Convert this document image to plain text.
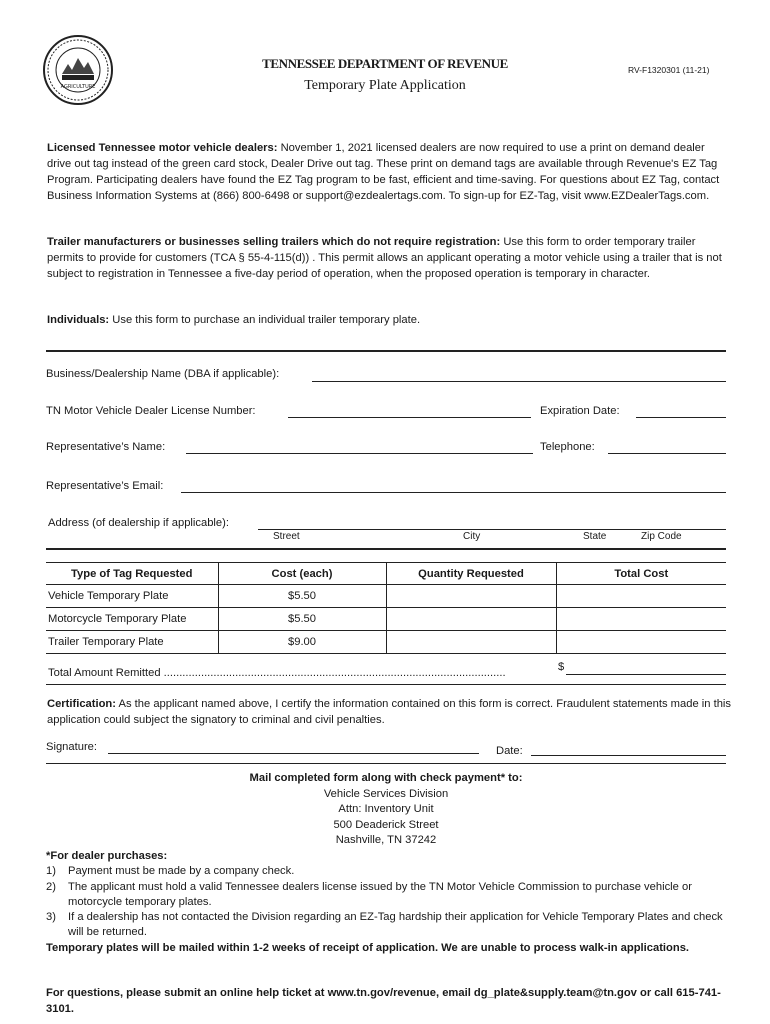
AGRICULTURE
TENNESSEE DEPARTMENT OF REVENUE
Temporary Plate Application
RV-F1320301 (11-21)
Licensed Tennessee motor vehicle dealers: November 1, 2021 licensed dealers are now required to use a print on demand dealer drive out tag instead of the green card stock, Dealer Drive out tag. These print on demand tags are available through Revenue's EZ Tag Program. Participating dealers have found the EZ Tag program to be fast, efficient and time-saving. For questions about EZ Tag, contact Business Information Systems at (866) 800-6498 or support@ezdealertags.com. To sign-up for EZ-Tag, visit www.EZDealerTags.com.
Trailer manufacturers or businesses selling trailers which do not require registration: Use this form to order temporary trailer permits to provide for customers (TCA § 55-4-115(d)) . This permit allows an applicant operating a motor vehicle using a trailer that is not subject to registration in Tennessee a five-day period of operation, when the proposed operation is temporary in character.
Individuals: Use this form to purchase an individual trailer temporary plate.
Business/Dealership Name (DBA if applicable):
TN Motor Vehicle Dealer License Number:	Expiration Date:
Representative’s Name:	Telephone:
Representative’s Email:
Address (of dealership if applicable):
Street	City	State	Zip Code
Type of Tag Requested	Cost (each)	Quantity Requested	Total Cost
Vehicle Temporary Plate	$5.50		
Motorcycle Temporary Plate	$5.50		
Trailer Temporary Plate	$9.00		
Total Amount Remitted ..............................................................................................................	$
Certification: As the applicant named above, I certify the information contained on this form is correct. Fraudulent statements made in this application could subject the signatory to criminal and civil penalties.
Signature:	Date:
Mail completed form along with check payment* to:
Vehicle Services Division
Attn: Inventory Unit
500 Deaderick Street
Nashville, TN 37242
*For dealer purchases:
1) Payment must be made by a company check.
2) The applicant must hold a valid Tennessee dealers license issued by the TN Motor Vehicle Commission to purchase vehicle or motorcycle temporary plates.
3) If a dealership has not contacted the Division regarding an EZ-Tag hardship their application for Vehicle Temporary Plates and check will be returned.
Temporary plates will be mailed within 1-2 weeks of receipt of application. We are unable to process walk-in applications.
For questions, please submit an online help ticket at www.tn.gov/revenue, email dg_plate&supply.team@tn.gov or call 615-741-3101.
